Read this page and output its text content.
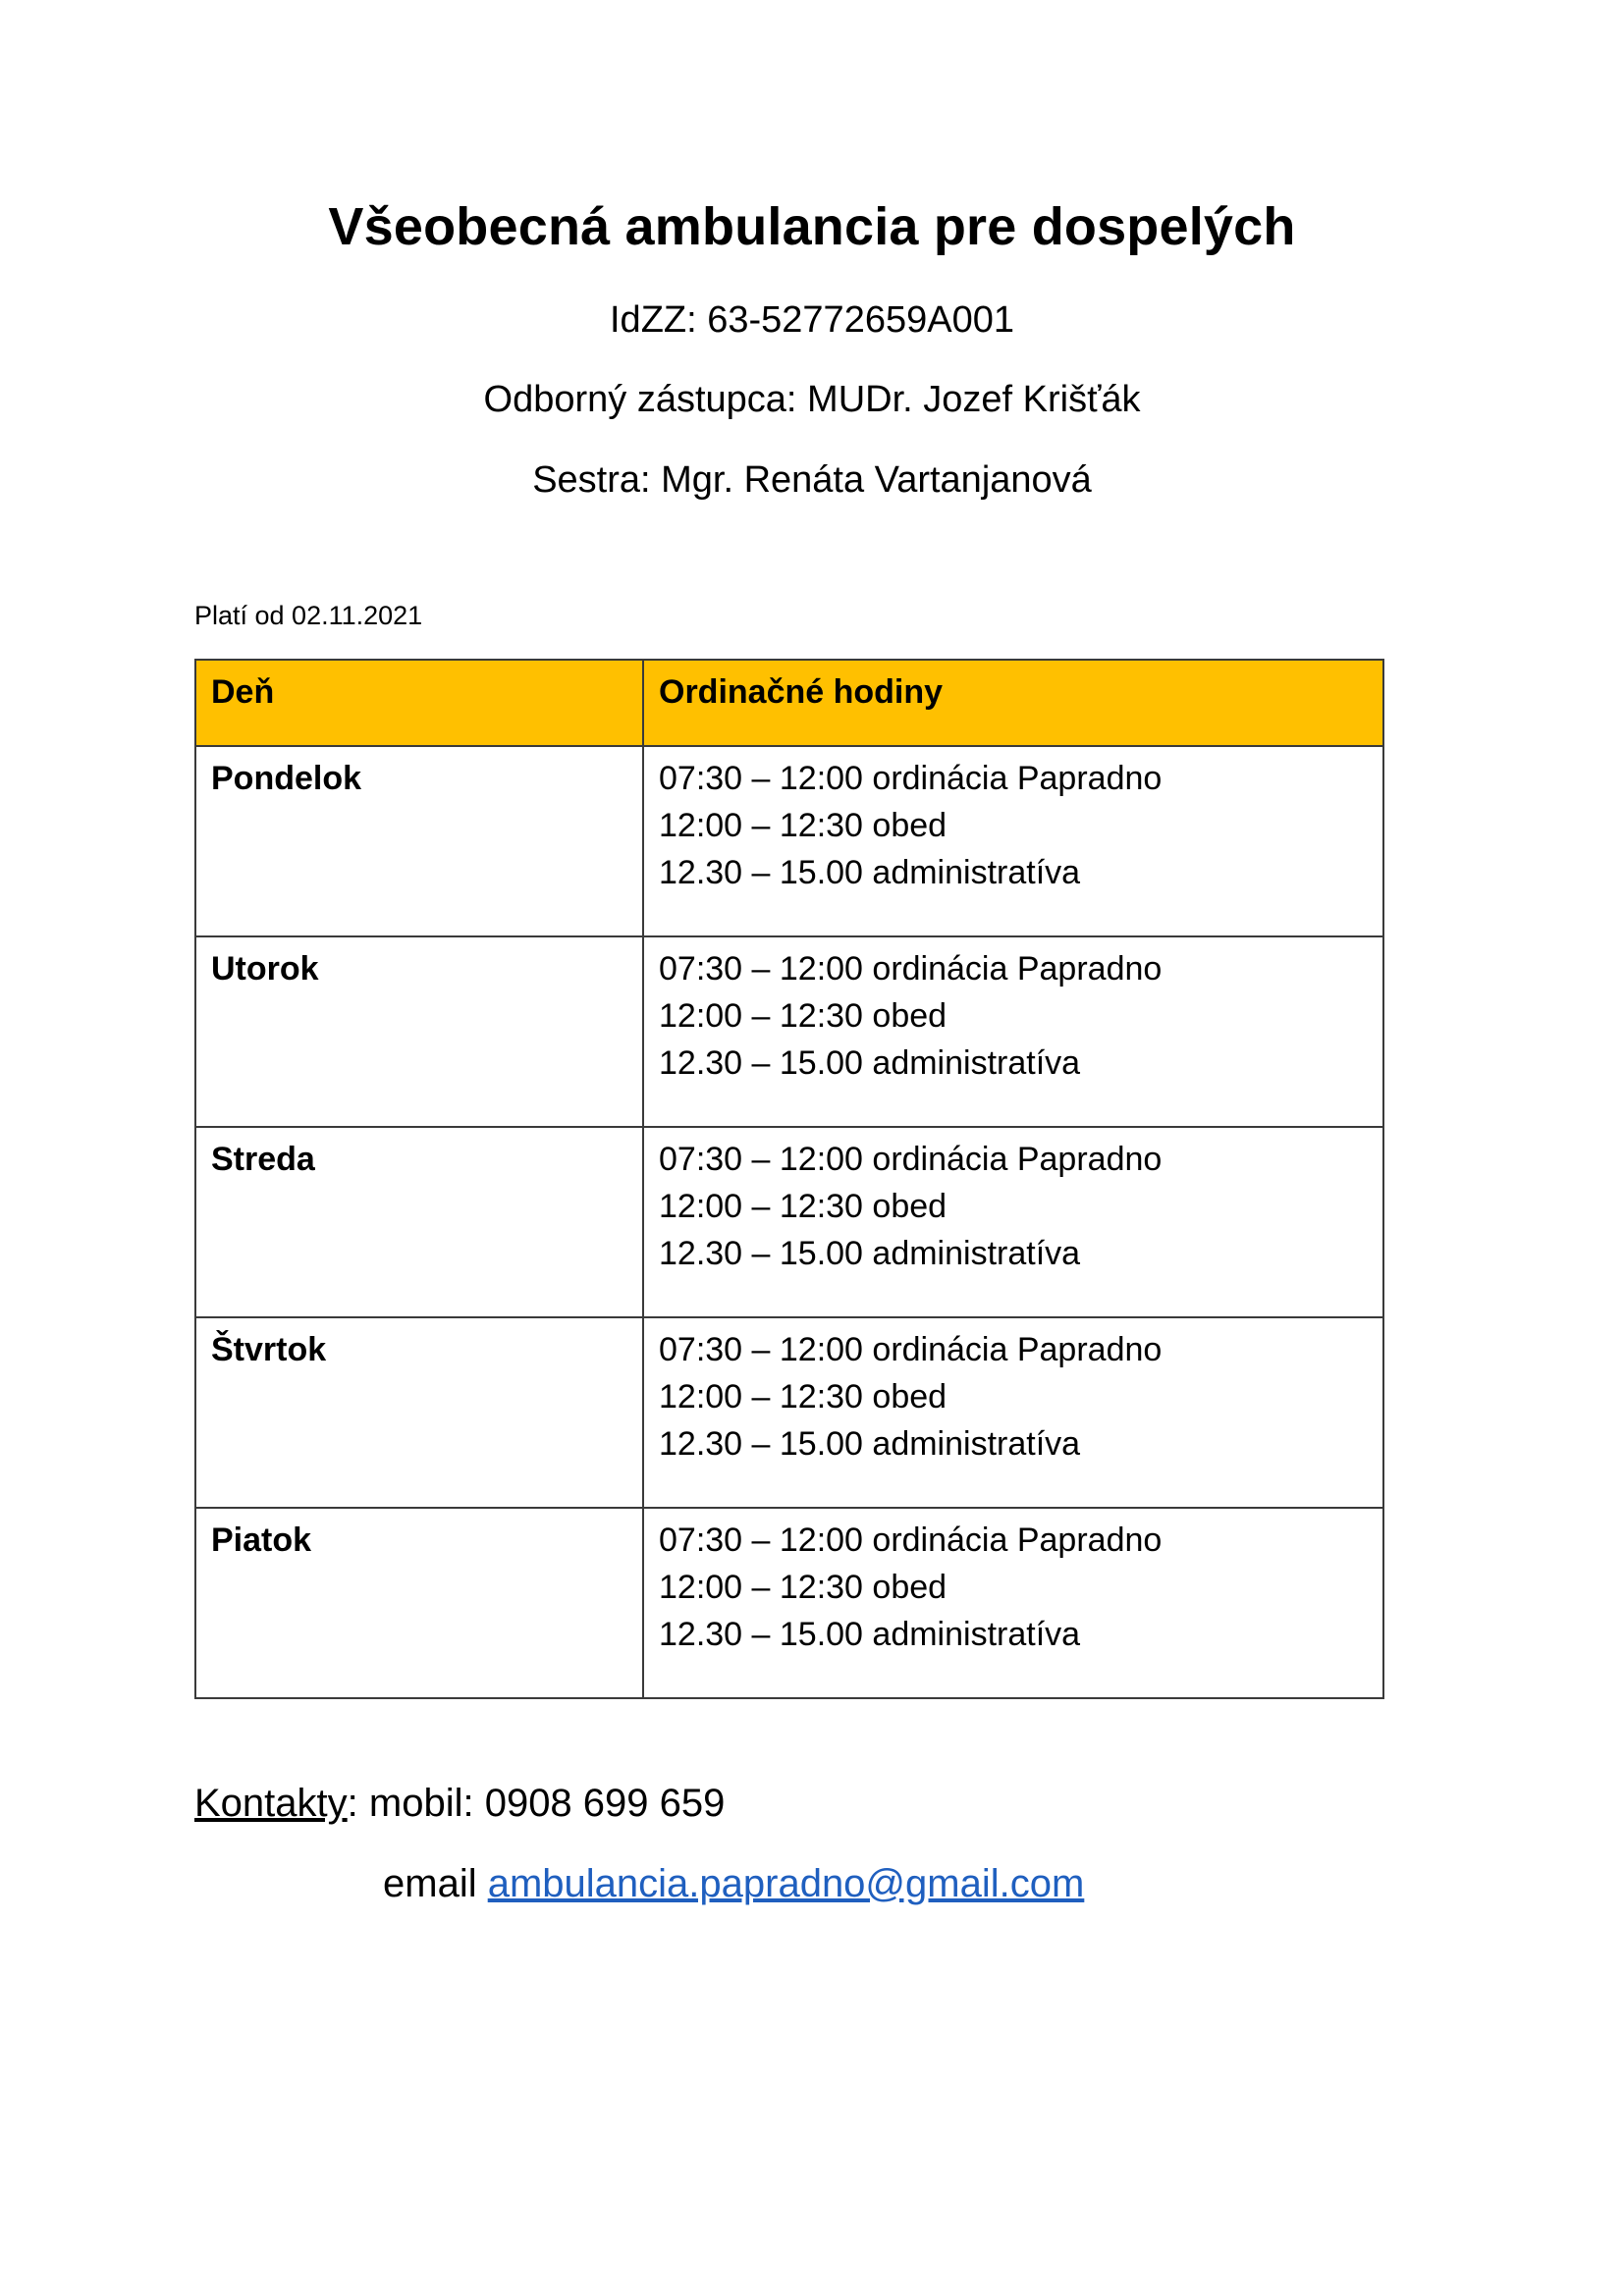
Všeobecná ambulancia pre dospelých
IdZZ: 63-52772659A001
Odborný zástupca: MUDr. Jozef Krišťák
Sestra: Mgr. Renáta Vartanjanová
Platí od 02.11.2021
Deň	Ordinačné hodiny
Pondelok	07:30 – 12:00 ordinácia Papradno
12:00 – 12:30 obed
12.30 – 15.00 administratíva

Utorok	07:30 – 12:00 ordinácia Papradno
12:00 – 12:30 obed
12.30 – 15.00 administratíva

Streda	07:30 – 12:00 ordinácia Papradno
12:00 – 12:30 obed
12.30 – 15.00 administratíva

Štvrtok	07:30 – 12:00 ordinácia Papradno
12:00 – 12:30 obed
12.30 – 15.00 administratíva

Piatok	07:30 – 12:00 ordinácia Papradno
12:00 – 12:30 obed
12.30 – 15.00 administratíva
Kontakty: mobil: 0908 699 659
email ambulancia.papradno@gmail.com
